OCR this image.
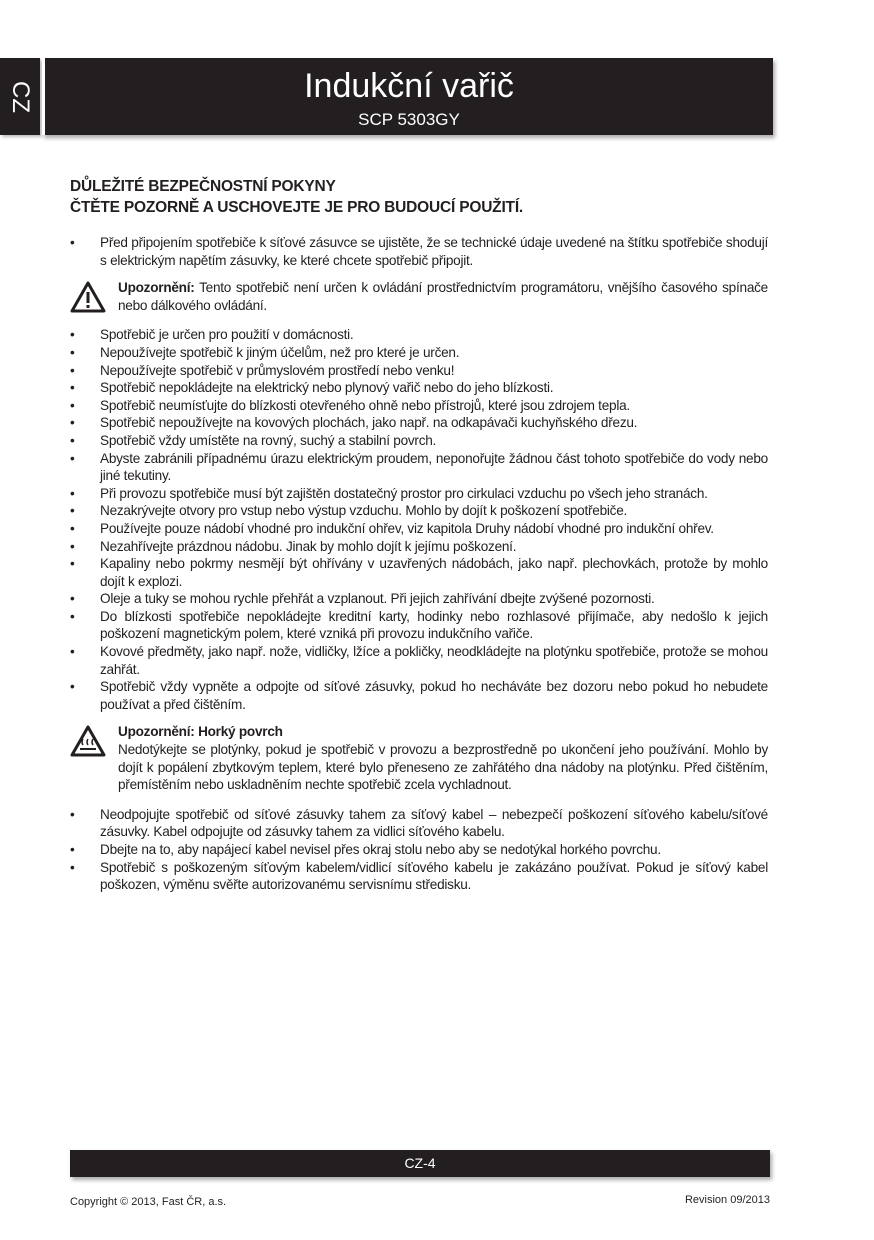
CZ	Indukční vařič
SCP 5303GY
DŮLEŽITÉ BEZPEČNOSTNÍ POKYNY
ČTĚTE POZORNĚ A USCHOVEJTE JE PRO BUDOUCÍ POUŽITÍ.
• Před připojením spotřebiče k síťové zásuvce se ujistěte, že se technické údaje uvedené na štítku spotřebiče shodují s elektrickým napětím zásuvky, ke které chcete spotřebič připojit.
Upozornění: Tento spotřebič není určen k ovládání prostřednictvím programátoru, vnějšího časového spínače nebo dálkového ovládání.
• Spotřebič je určen pro použití v domácnosti.
• Nepoužívejte spotřebič k jiným účelům, než pro které je určen.
• Nepoužívejte spotřebič v průmyslovém prostředí nebo venku!
• Spotřebič nepokládejte na elektrický nebo plynový vařič nebo do jeho blízkosti.
• Spotřebič neumísťujte do blízkosti otevřeného ohně nebo přístrojů, které jsou zdrojem tepla.
• Spotřebič nepoužívejte na kovových plochách, jako např. na odkapávači kuchyňského dřezu.
• Spotřebič vždy umístěte na rovný, suchý a stabilní povrch.
• Abyste zabránili případnému úrazu elektrickým proudem, neponořujte žádnou část tohoto spotřebiče do vody nebo jiné tekutiny.
• Při provozu spotřebiče musí být zajištěn dostatečný prostor pro cirkulaci vzduchu po všech jeho stranách.
• Nezakrývejte otvory pro vstup nebo výstup vzduchu. Mohlo by dojít k poškození spotřebiče.
• Používejte pouze nádobí vhodné pro indukční ohřev, viz kapitola Druhy nádobí vhodné pro indukční ohřev.
• Nezahřívejte prázdnou nádobu. Jinak by mohlo dojít k jejímu poškození.
• Kapaliny nebo pokrmy nesmějí být ohřívány v uzavřených nádobách, jako např. plechovkách, protože by mohlo dojít k explozi.
• Oleje a tuky se mohou rychle přehřát a vzplanout. Při jejich zahřívání dbejte zvýšené pozornosti.
• Do blízkosti spotřebiče nepokládejte kreditní karty, hodinky nebo rozhlasové přijímače, aby nedošlo k jejich poškození magnetickým polem, které vzniká při provozu indukčního vařiče.
• Kovové předměty, jako např. nože, vidličky, lžíce a pokličky, neodkládejte na plotýnku spotřebiče, protože se mohou zahřát.
• Spotřebič vždy vypněte a odpojte od síťové zásuvky, pokud ho necháváte bez dozoru nebo pokud ho nebudete používat a před čištěním.
Upozornění: Horký povrch
Nedotýkejte se plotýnky, pokud je spotřebič v provozu a bezprostředně po ukončení jeho používání. Mohlo by dojít k popálení zbytkovým teplem, které bylo přeneseno ze zahřátého dna nádoby na plotýnku. Před čištěním, přemístěním nebo uskladněním nechte spotřebič zcela vychladnout.
• Neodpojujte spotřebič od síťové zásuvky tahem za síťový kabel – nebezpečí poškození síťového kabelu/síťové zásuvky. Kabel odpojujte od zásuvky tahem za vidlici síťového kabelu.
• Dbejte na to, aby napájecí kabel nevisel přes okraj stolu nebo aby se nedotýkal horkého povrchu.
• Spotřebič s poškozeným síťovým kabelem/vidlicí síťového kabelu je zakázáno používat. Pokud je síťový kabel poškozen, výměnu svěřte autorizovanému servisnímu středisku.
CZ-4
Copyright © 2013, Fast ČR, a.s.	Revision 09/2013
